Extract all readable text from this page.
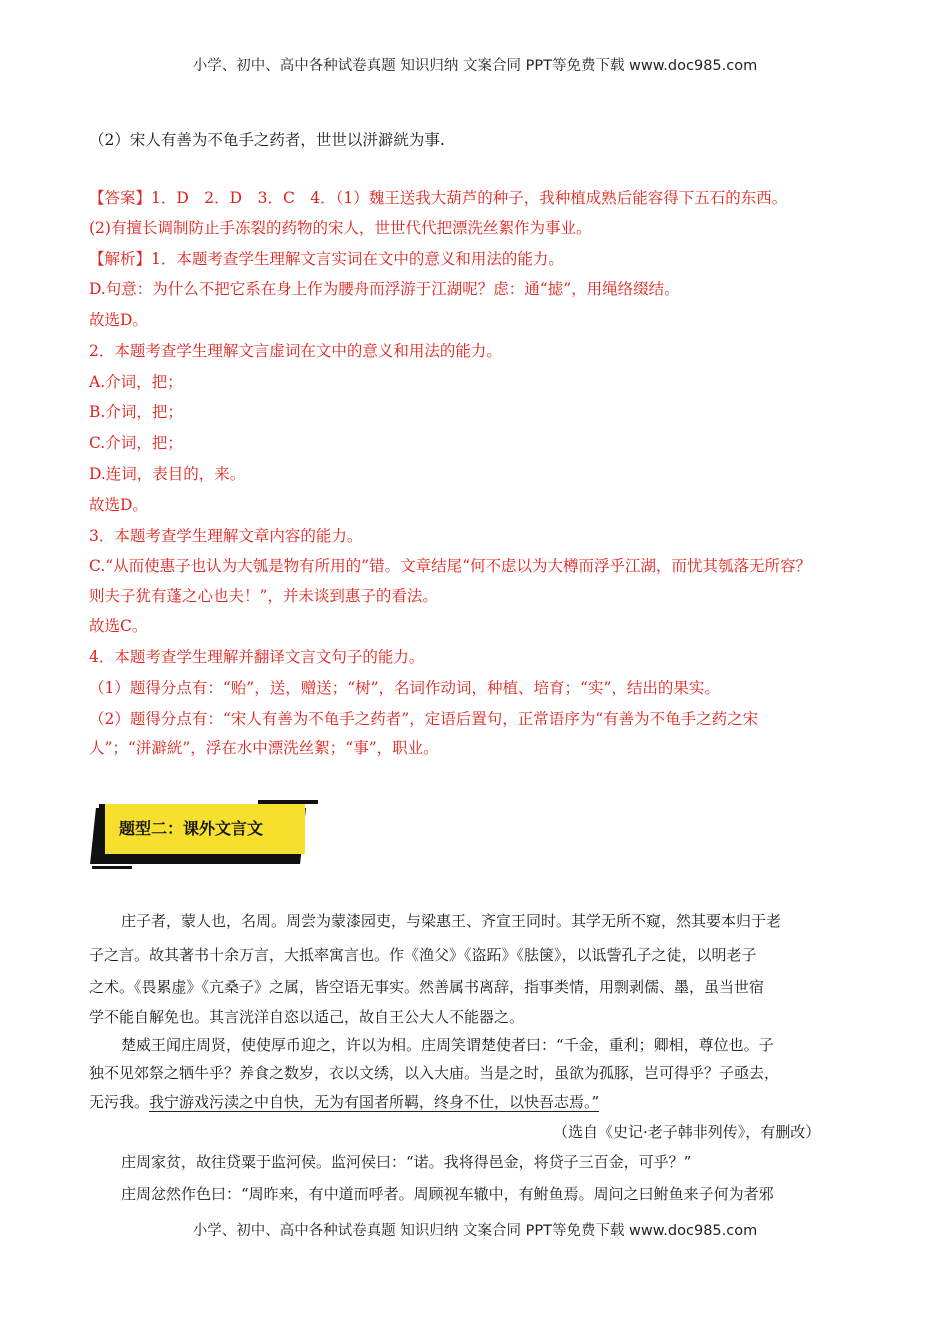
小学、初中、高中各种试卷真题 知识归纳 文案合同 PPT等免费下载 www.doc985.com
（2）宋人有善为不龟手之药者，世世以洴澼絖为事.
【答案】1．D　2．D　3．C　4．（1）魏王送我大葫芦的种子，我种植成熟后能容得下五石的东西。
(2)有擅长调制防止手冻裂的药物的宋人，世世代代把漂洗丝絮作为事业。
【解析】1．本题考查学生理解文言实词在文中的意义和用法的能力。
D.句意：为什么不把它系在身上作为腰舟而浮游于江湖呢？虑：通“摅”，用绳络缀结。
故选D。
2．本题考查学生理解文言虚词在文中的意义和用法的能力。
A.介词，把；
B.介词，把；
C.介词，把；
D.连词，表目的，来。
故选D。
3．本题考查学生理解文章内容的能力。
C.“从而使惠子也认为大瓠是物有所用的”错。文章结尾“何不虑以为大樽而浮乎江湖，而忧其瓠落无所容？
则夫子犹有蓬之心也夫！”，并未谈到惠子的看法。
故选C。
4．本题考查学生理解并翻译文言文句子的能力。
（1）题得分点有：“贻”，送，赠送；“树”，名词作动词，种植、培育；“实”，结出的果实。
（2）题得分点有：“宋人有善为不龟手之药者”，定语后置句，正常语序为“有善为不龟手之药之宋
人”；“洴澼絖”，浮在水中漂洗丝絮；“事”，职业。
题型二：课外文言文
庄子者，蒙人也，名周。周尝为蒙漆园吏，与梁惠王、齐宣王同时。其学无所不窥，然其要本归于老
子之言。故其著书十余万言，大抵率寓言也。作《渔父》《盗跖》《胠箧》，以诋訾孔子之徒，以明老子
之术。《畏累虚》《亢桑子》之属，皆空语无事实。然善属书离辞，指事类情，用剽剥儒、墨，虽当世宿
学不能自解免也。其言洸洋自恣以适己，故自王公大人不能器之。
楚威王闻庄周贤，使使厚币迎之，许以为相。庄周笑谓楚使者曰：“千金，重利；卿相，尊位也。子
独不见郊祭之牺牛乎？养食之数岁，衣以文绣，以入大庙。当是之时，虽欲为孤豚，岂可得乎？子亟去，
无污我。我宁游戏污渎之中自快，无为有国者所羁，终身不仕，以快吾志焉。”
（选自《史记·老子韩非列传》，有删改）
庄周家贫，故往贷粟于监河侯。监河侯曰：“诺。我将得邑金，将贷子三百金，可乎？”
庄周忿然作色曰：“周昨来，有中道而呼者。周顾视车辙中，有鲋鱼焉。周问之曰鲋鱼来子何为者邪
小学、初中、高中各种试卷真题 知识归纳 文案合同 PPT等免费下载 www.doc985.com
